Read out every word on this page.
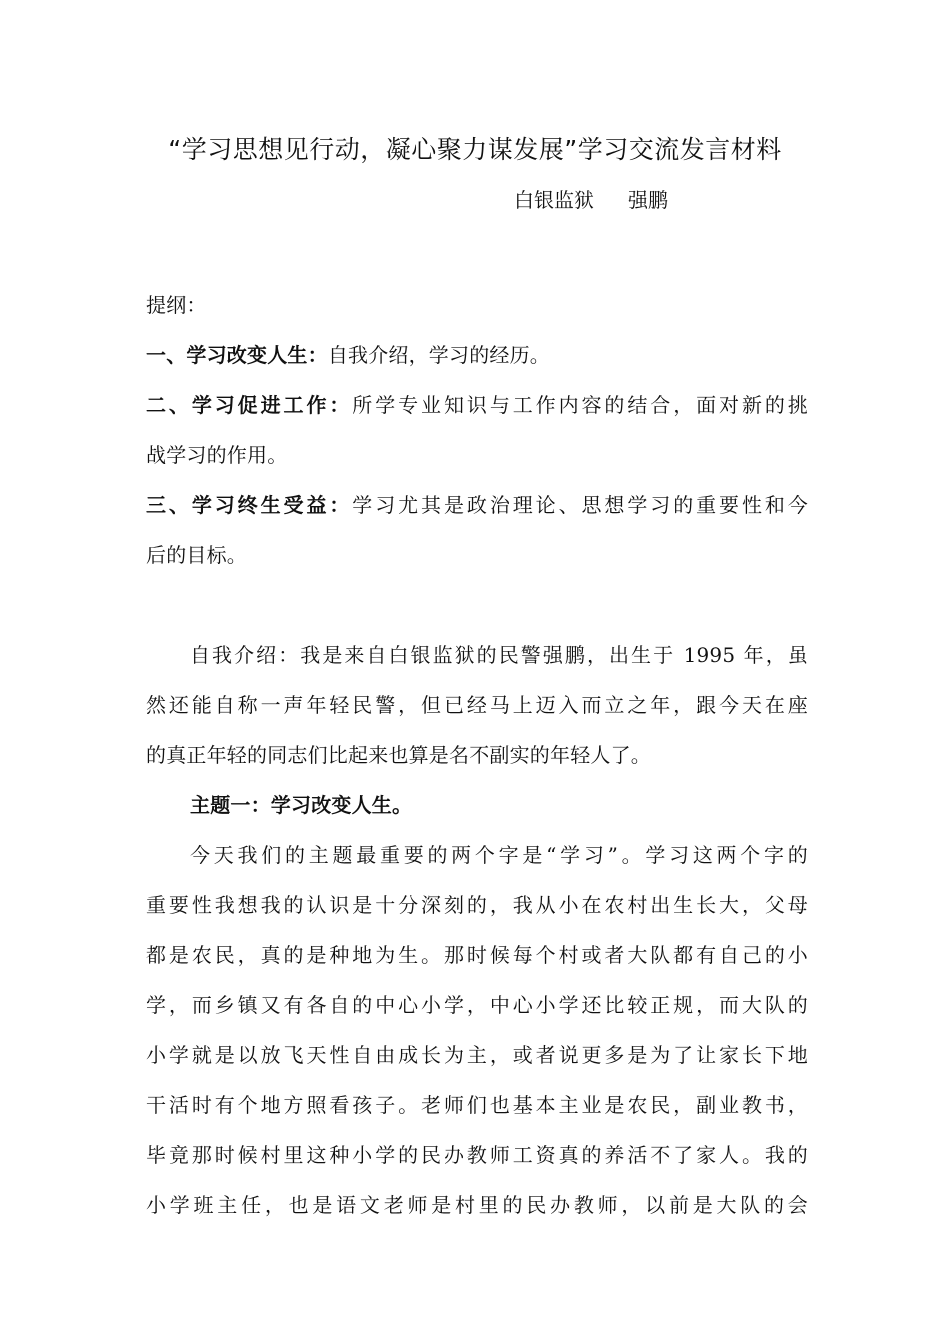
“学习思想见行动，凝心聚力谋发展”学习交流发言材料
白银监狱 强鹏
提纲：
一、学习改变人生：自我介绍，学习的经历。
二、学习促进工作：所学专业知识与工作内容的结合，面对新的挑
战学习的作用。
三、学习终生受益：学习尤其是政治理论、思想学习的重要性和今
后的目标。
自我介绍：我是来自白银监狱的民警强鹏，出生于 1995 年，虽
然还能自称一声年轻民警，但已经马上迈入而立之年，跟今天在座
的真正年轻的同志们比起来也算是名不副实的年轻人了。
主题一：学习改变人生。
今天我们的主题最重要的两个字是“学习”。学习这两个字的
重要性我想我的认识是十分深刻的，我从小在农村出生长大，父母
都是农民，真的是种地为生。那时候每个村或者大队都有自己的小
学，而乡镇又有各自的中心小学，中心小学还比较正规，而大队的
小学就是以放飞天性自由成长为主，或者说更多是为了让家长下地
干活时有个地方照看孩子。老师们也基本主业是农民，副业教书，
毕竟那时候村里这种小学的民办教师工资真的养活不了家人。我的
小学班主任，也是语文老师是村里的民办教师，以前是大队的会
